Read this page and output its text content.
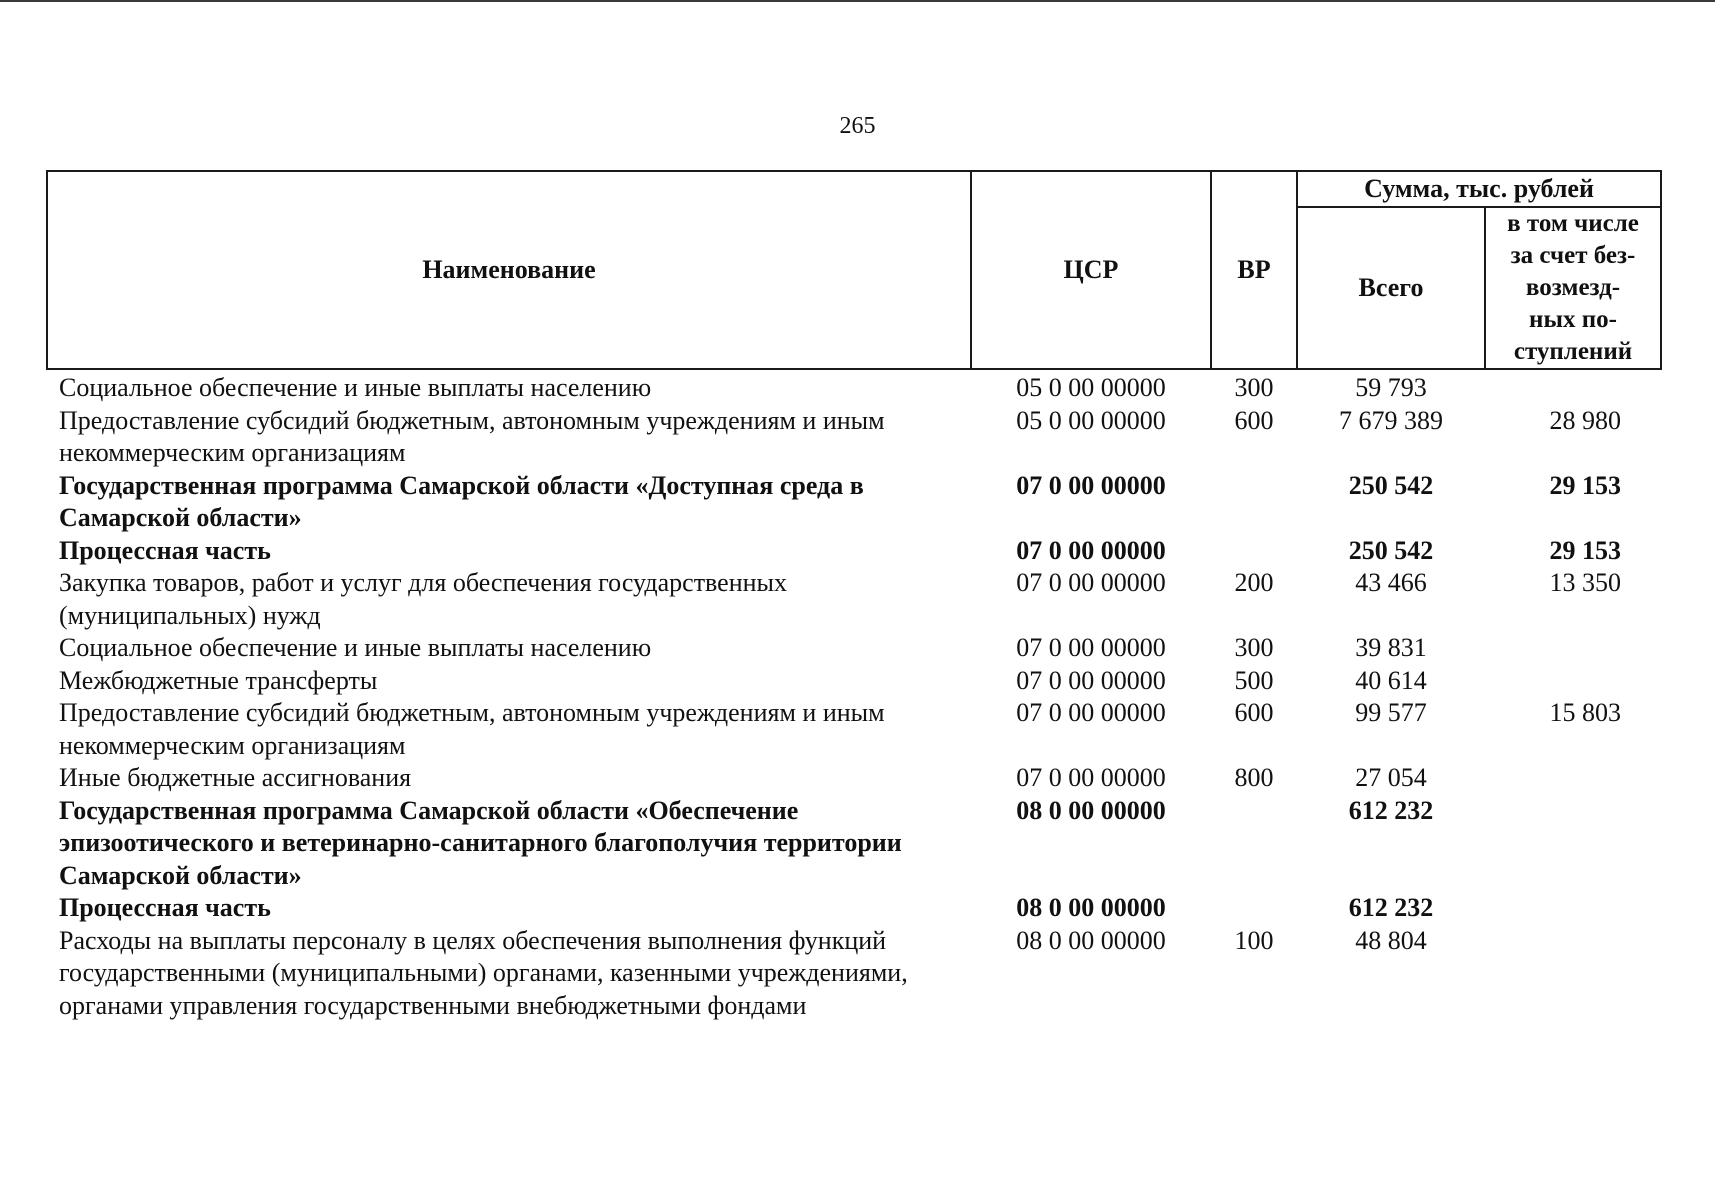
265
Наименование	ЦСР	ВР	Сумма, тыс. рублей	
			Всего	в том числе
за счет без-
возмезд-
ных по-
ступлений

Социальное обеспечение и иные выплаты населению	05 0 00 00000	300	59 793	
Предоставление субсидий бюджетным, автономным учреждениям и иным некоммерческим организациям	05 0 00 00000	600	7 679 389	28 980
Государственная программа Самарской области «Доступная среда в Самарской области»	07 0 00 00000		250 542	29 153
Процессная часть	07 0 00 00000		250 542	29 153
Закупка товаров, работ и услуг для обеспечения государственных (муниципальных) нужд	07 0 00 00000	200	43 466	13 350
Социальное обеспечение и иные выплаты населению	07 0 00 00000	300	39 831	
Межбюджетные трансферты	07 0 00 00000	500	40 614	
Предоставление субсидий бюджетным, автономным учреждениям и иным некоммерческим организациям	07 0 00 00000	600	99 577	15 803
Иные бюджетные ассигнования	07 0 00 00000	800	27 054	
Государственная программа Самарской области «Обеспечение эпизоотического и ветеринарно-санитарного благополучия территории Самарской области»	08 0 00 00000		612 232	
Процессная часть	08 0 00 00000		612 232	
Расходы на выплаты персоналу в целях обеспечения выполнения функций государственными (муниципальными) органами, казенными учреждениями, органами управления государственными внебюджетными фондами	08 0 00 00000	100	48 804	
